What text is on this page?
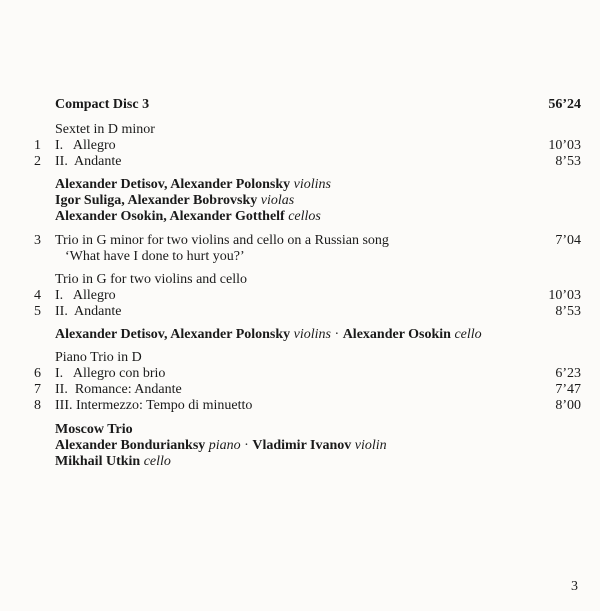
Compact Disc 3	56’24
Sextet in D minor
1	I.   Allegro	10’03
2	II.  Andante	8’53
Alexander Detisov, Alexander Polonsky violins
Igor Suliga, Alexander Bobrovsky violas
Alexander Osokin, Alexander Gotthelf cellos
3	Trio in G minor for two violins and cello on a Russian song	7’04
‘What have I done to hurt you?’
Trio in G for two violins and cello
4	I.   Allegro	10’03
5	II.  Andante	8’53
Alexander Detisov, Alexander Polonsky violins · Alexander Osokin cello
Piano Trio in D
6	I.   Allegro con brio	6’23
7	II.  Romance: Andante	7’47
8	III. Intermezzo: Tempo di minuetto	8’00
Moscow Trio
Alexander Bondurianksy piano · Vladimir Ivanov violin
Mikhail Utkin cello
3
